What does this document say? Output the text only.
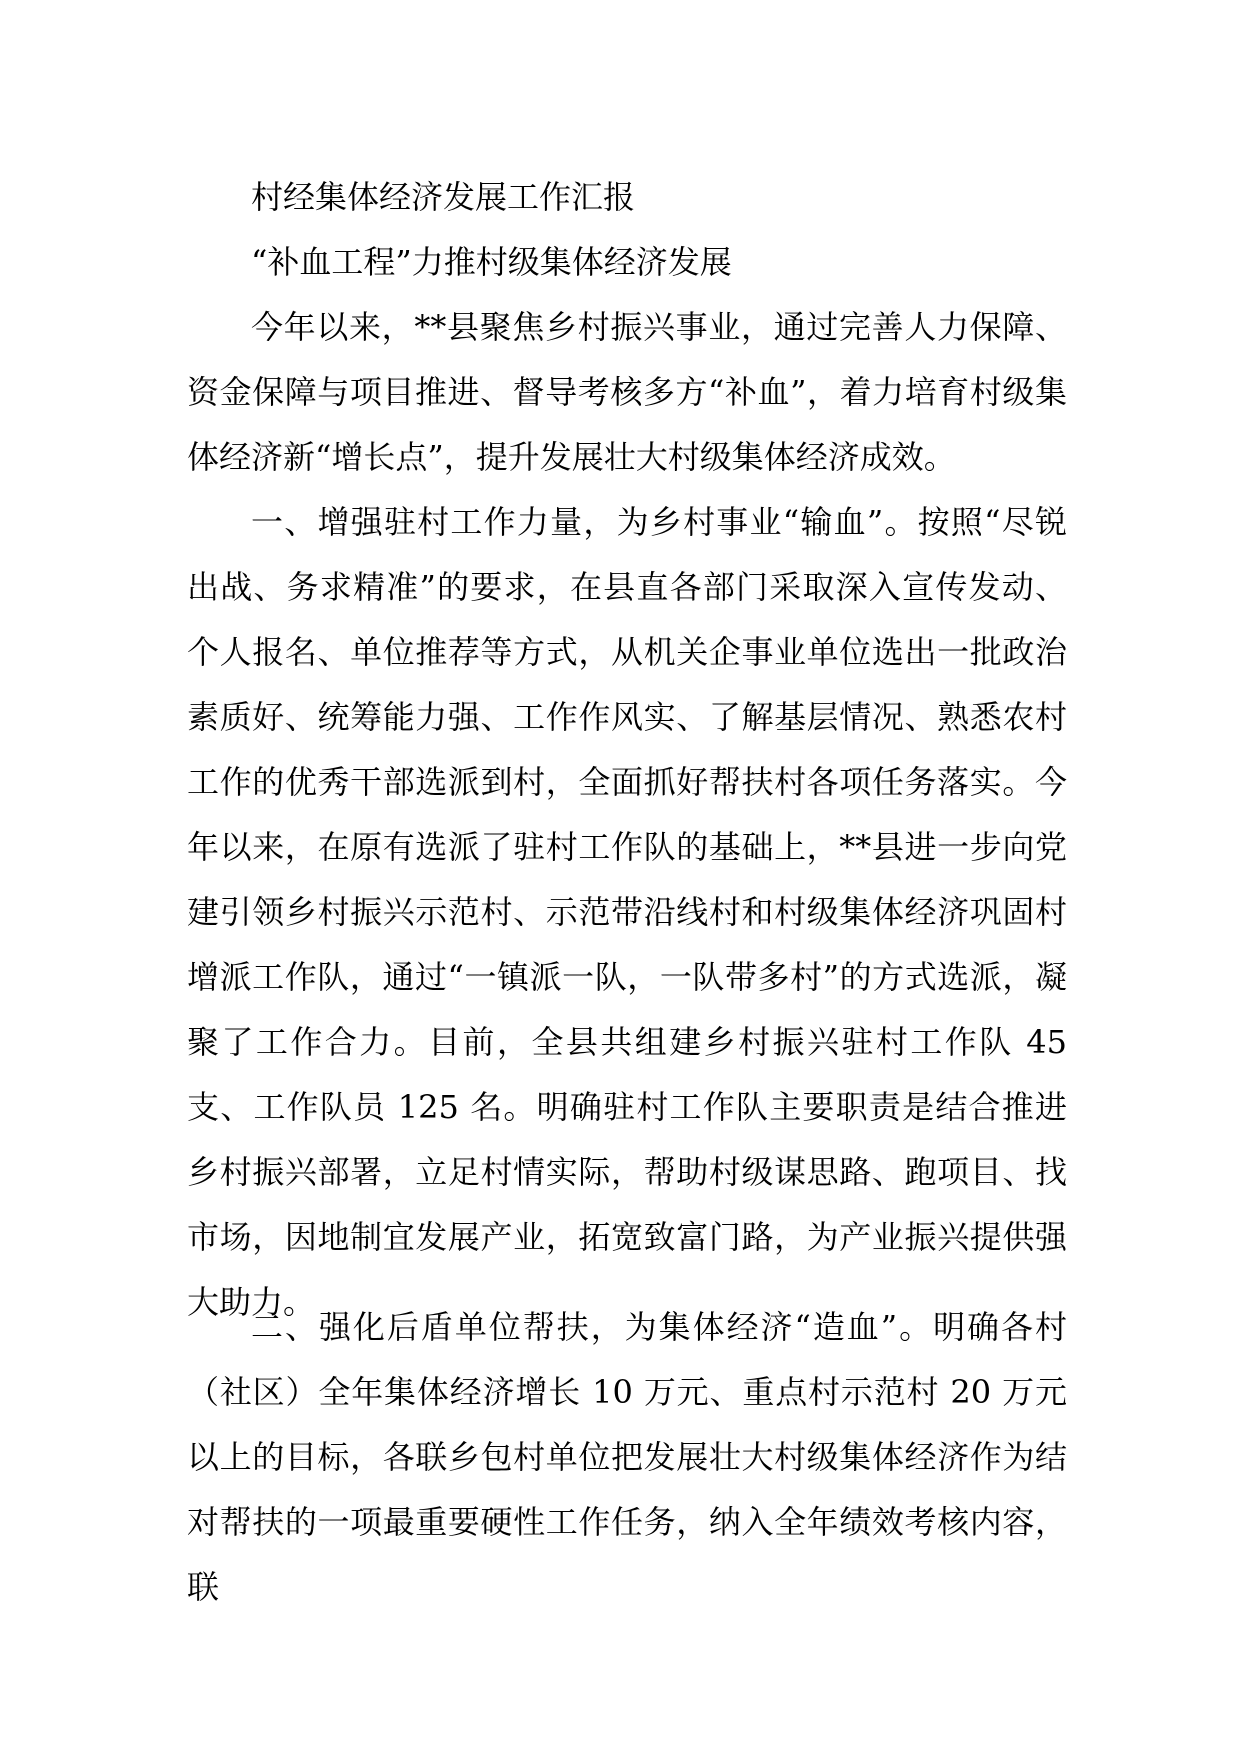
村经集体经济发展工作汇报

“补血工程”力推村级集体经济发展

今年以来，**县聚焦乡村振兴事业，通过完善人力保障、资金保障与项目推进、督导考核多方“补血”，着力培育村级集体经济新“增长点”，提升发展壮大村级集体经济成效。

一、增强驻村工作力量，为乡村事业“输血”。按照“尽锐出战、务求精准”的要求，在县直各部门采取深入宣传发动、个人报名、单位推荐等方式，从机关企事业单位选出一批政治素质好、统筹能力强、工作作风实、了解基层情况、熟悉农村工作的优秀干部选派到村，全面抓好帮扶村各项任务落实。今年以来，在原有选派了驻村工作队的基础上，**县进一步向党建引领乡村振兴示范村、示范带沿线村和村级集体经济巩固村增派工作队，通过“一镇派一队，一队带多村”的方式选派，凝聚了工作合力。目前，全县共组建乡村振兴驻村工作队 45 支、工作队员 125 名。明确驻村工作队主要职责是结合推进乡村振兴部署，立足村情实际，帮助村级谋思路、跑项目、找市场，因地制宜发展产业，拓宽致富门路，为产业振兴提供强大助力。

二、强化后盾单位帮扶，为集体经济“造血”。明确各村（社区）全年集体经济增长 10 万元、重点村示范村 20 万元以上的目标，各联乡包村单位把发展壮大村级集体经济作为结对帮扶的一项最重要硬性工作任务，纳入全年绩效考核内容，联
